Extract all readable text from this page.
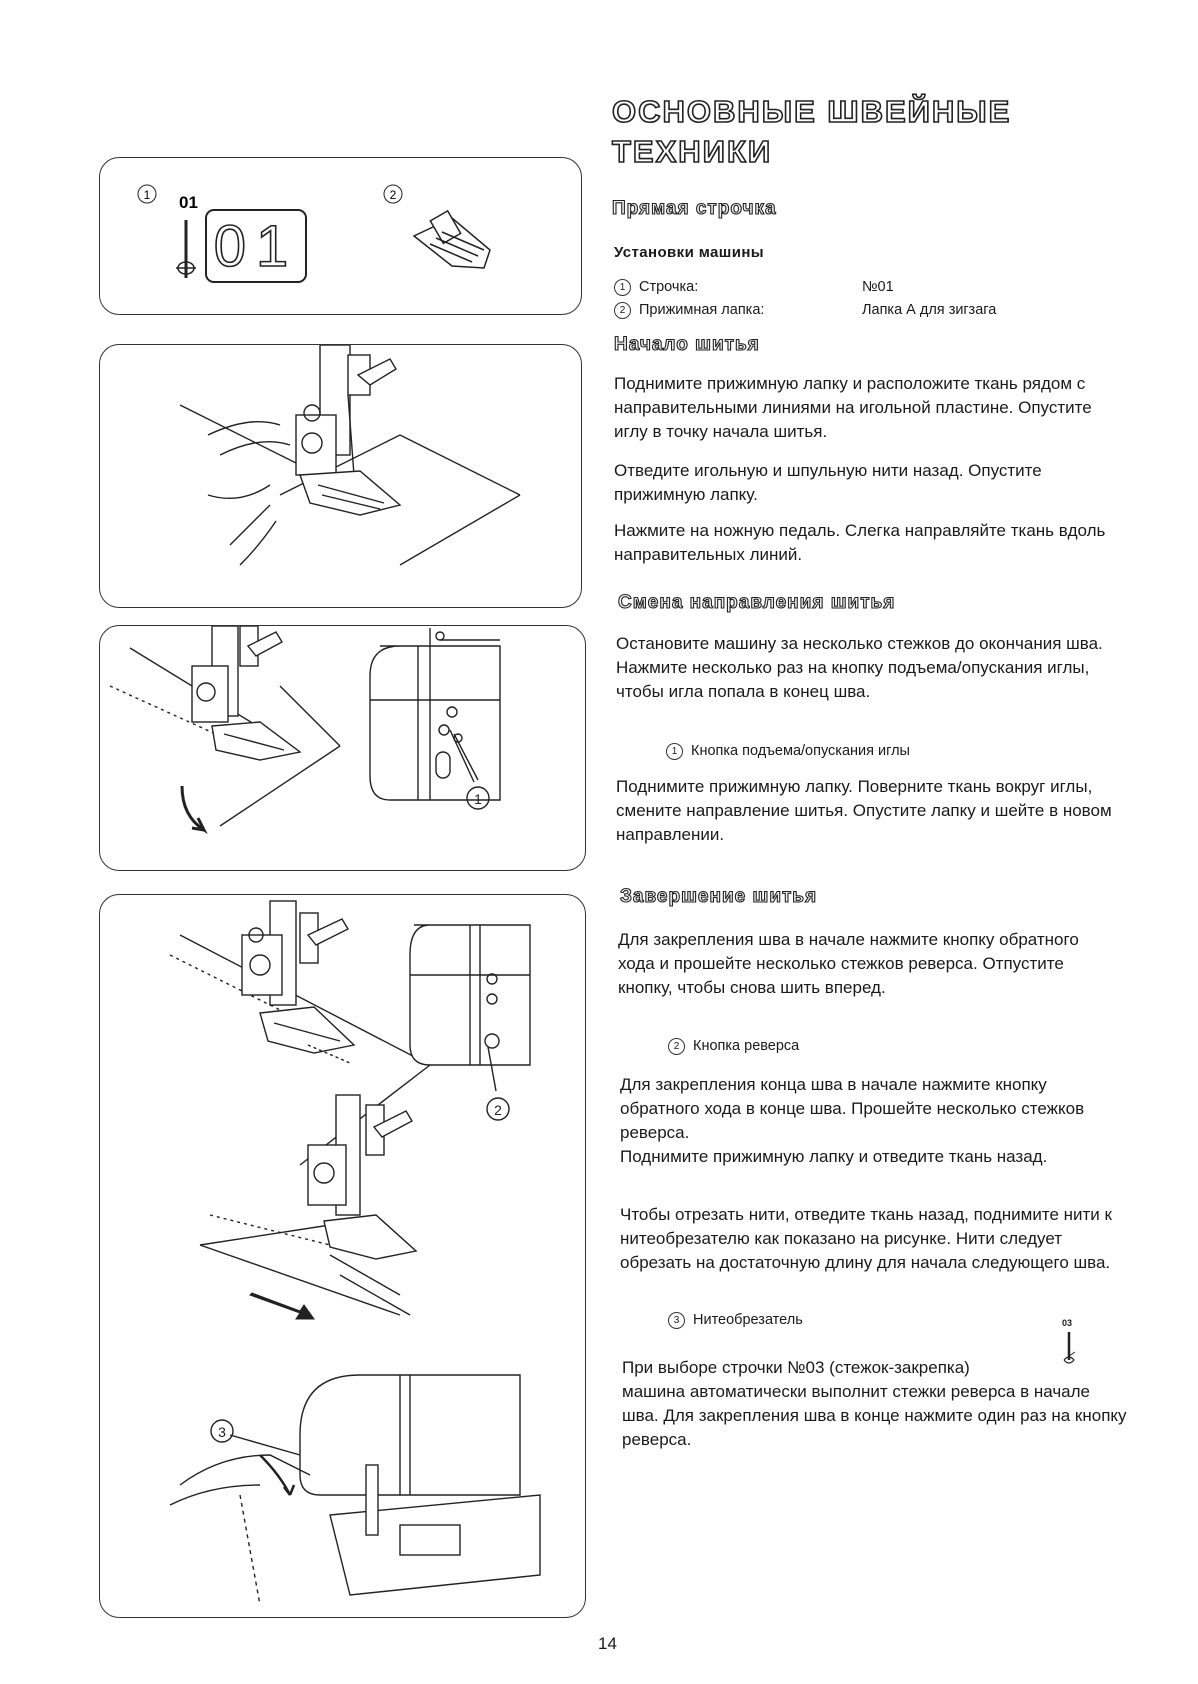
ОСНОВНЫЕ ШВЕЙНЫЕ
ТЕХНИКИ
Прямая строчка
Установки машины
1 Строчка:	№01
2 Прижимная лапка:	Лапка А для зигзага
Начало шитья
Поднимите прижимную лапку и расположите ткань рядом с направительными линиями на игольной пластине. Опустите иглу в точку начала шитья.
Отведите игольную и шпульную нити назад. Опустите прижимную лапку.
Нажмите на ножную педаль. Слегка направляйте ткань вдоль направительных линий.
Смена направления шитья
Остановите машину за несколько стежков до окончания шва. Нажмите несколько раз на кнопку подъема/опускания иглы, чтобы игла попала в конец шва.
1 Кнопка подъема/опускания иглы
Поднимите прижимную лапку. Поверните ткань вокруг иглы, смените направление шитья. Опустите лапку и шейте в новом направлении.
Завершение шитья
Для закрепления шва в начале нажмите кнопку обратного хода и прошейте несколько стежков реверса. Отпустите кнопку, чтобы снова шить вперед.
2 Кнопка реверса
Для закрепления конца шва в начале нажмите кнопку обратного хода в конце шва. Прошейте несколько стежков реверса.
Поднимите прижимную лапку и отведите ткань назад.
Чтобы отрезать нити, отведите ткань назад, поднимите нити к нитеобрезателю как показано на рисунке. Нити следует обрезать на достаточную длину для начала следующего шва.
3 Нитеобрезатель	03
При выборе строчки №03 (стежок-закрепка)
машина автоматически выполнит стежки реверса в начале шва. Для закрепления шва в конце нажмите один раз на кнопку реверса.
14
1 01
01
2
1
2
3
